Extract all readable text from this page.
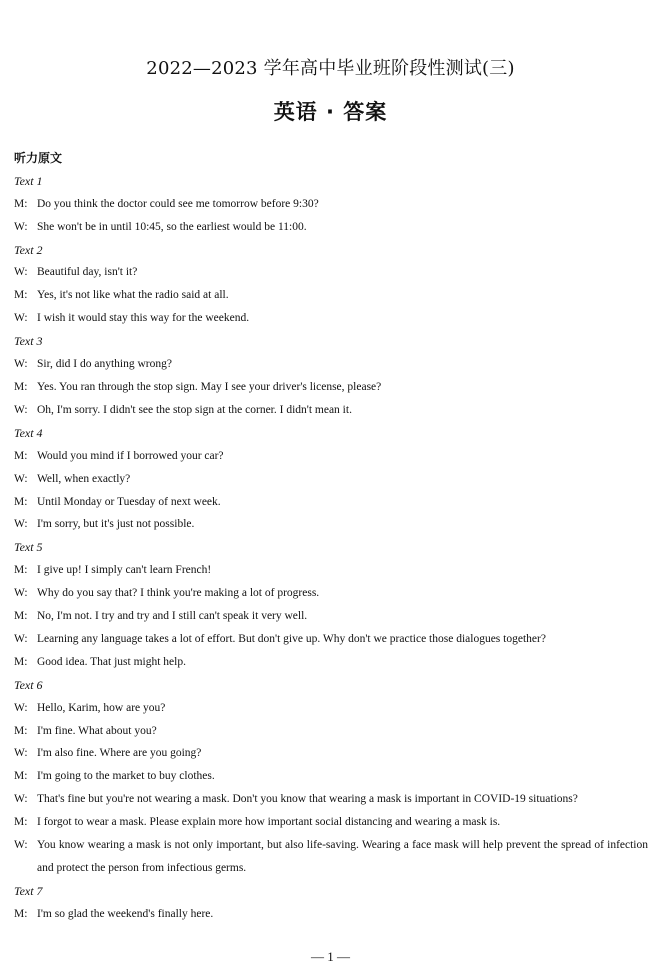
2022—2023 学年高中毕业班阶段性测试(三)
英语 · 答案
听力原文
Text 1
M: Do you think the doctor could see me tomorrow before 9:30?
W: She won't be in until 10:45, so the earliest would be 11:00.
Text 2
W: Beautiful day, isn't it?
M: Yes, it's not like what the radio said at all.
W: I wish it would stay this way for the weekend.
Text 3
W: Sir, did I do anything wrong?
M: Yes. You ran through the stop sign. May I see your driver's license, please?
W: Oh, I'm sorry. I didn't see the stop sign at the corner. I didn't mean it.
Text 4
M: Would you mind if I borrowed your car?
W: Well, when exactly?
M: Until Monday or Tuesday of next week.
W: I'm sorry, but it's just not possible.
Text 5
M: I give up! I simply can't learn French!
W: Why do you say that? I think you're making a lot of progress.
M: No, I'm not. I try and try and I still can't speak it very well.
W: Learning any language takes a lot of effort. But don't give up. Why don't we practice those dialogues together?
M: Good idea. That just might help.
Text 6
W: Hello, Karim, how are you?
M: I'm fine. What about you?
W: I'm also fine. Where are you going?
M: I'm going to the market to buy clothes.
W: That's fine but you're not wearing a mask. Don't you know that wearing a mask is important in COVID-19 situations?
M: I forgot to wear a mask. Please explain more how important social distancing and wearing a mask is.
W: You know wearing a mask is not only important, but also life-saving. Wearing a face mask will help prevent the spread of infection and protect the person from infectious germs.
Text 7
M: I'm so glad the weekend's finally here.
— 1 —
